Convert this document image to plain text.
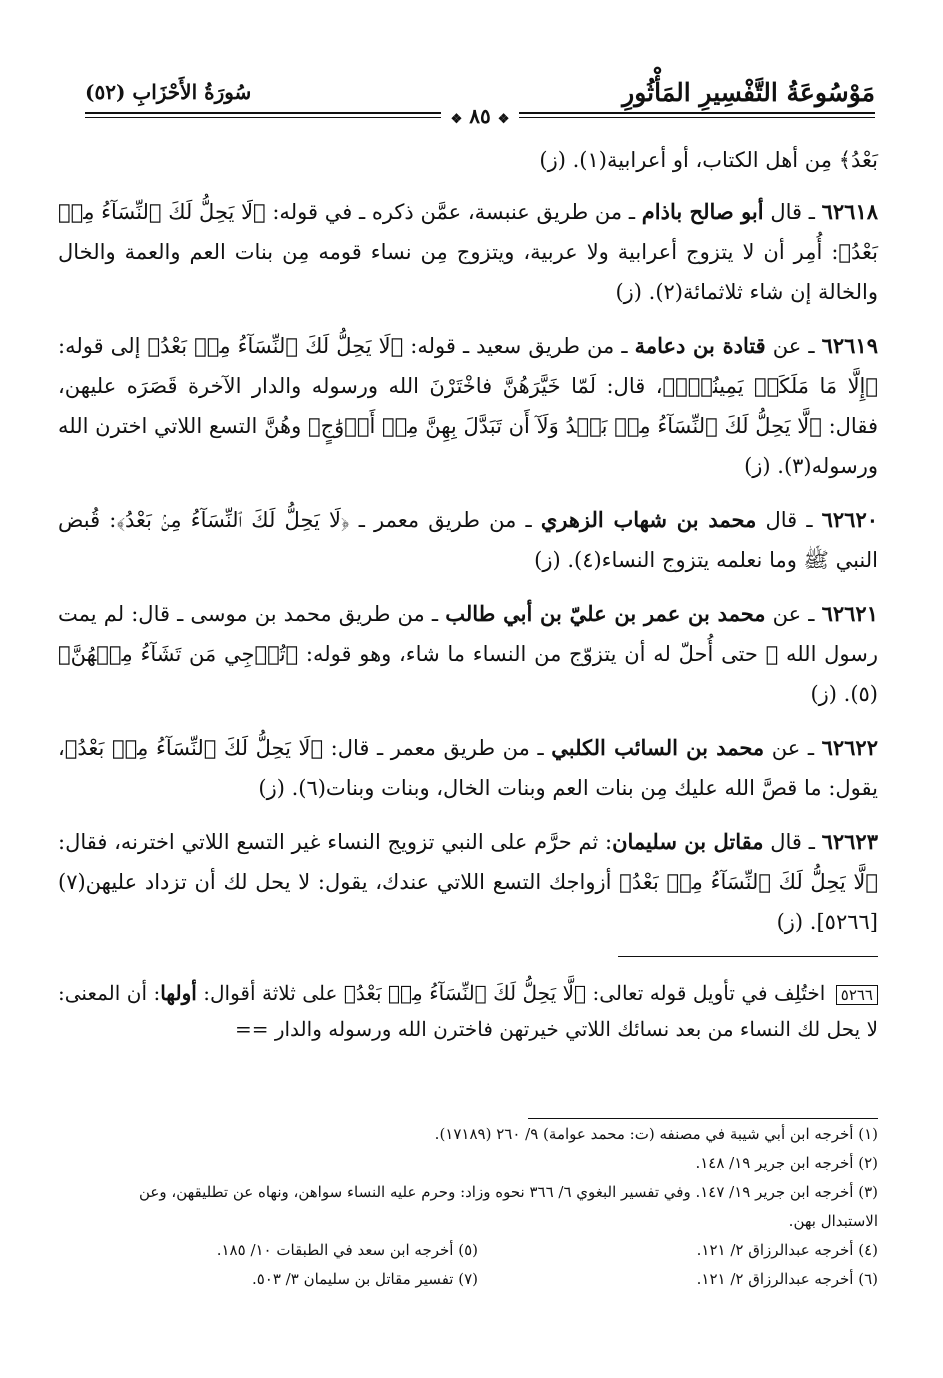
مَوْسُوعَةُ التَّفْسِيرِ المَأْثُورِ
سُورَةُ الأَحْزَابِ (٥٢)
❖ ٨٥ ❖

بَعْدُ﴾ مِن أهل الكتاب، أو أعرابية(١). (ز)

٦٢٦١٨ ـ قال أبو صالح باذام ـ من طريق عنبسة، عمَّن ذكره ـ في قوله: ﴿لَا يَحِلُّ لَكَ ٱلنِّسَآءُ مِنۢ بَعْدُ﴾: أُمِر أن لا يتزوج أعرابية ولا عربية، ويتزوج مِن نساء قومه مِن بنات العم والعمة والخال والخالة إن شاء ثلاثمائة(٢). (ز)

٦٢٦١٩ ـ عن قتادة بن دعامة ـ من طريق سعيد ـ قوله: ﴿لَا يَحِلُّ لَكَ ٱلنِّسَآءُ مِنۢ بَعْدُ﴾ إلى قوله: ﴿إِلَّا مَا مَلَكَتۡ يَمِينُكَۗ﴾، قال: لَمّا خَيَّرَهُنَّ فاخْتَرْنَ الله ورسوله والدار الآخرة قَصَرَه عليهن، فقال: ﴿لَّا يَحِلُّ لَكَ ٱلنِّسَآءُ مِنۢ بَعۡدُ وَلَآ أَن تَبَدَّلَ بِهِنَّ مِنۡ أَزۡوَٰجٍ﴾ وهُنَّ التسع اللاتي اخترن الله ورسوله(٣). (ز)

٦٢٦٢٠ ـ قال محمد بن شهاب الزهري ـ من طريق معمر ـ ﴿لَا يَحِلُّ لَكَ ٱلنِّسَآءُ مِنۢ بَعْدُ﴾: قُبض النبي ﷺ وما نعلمه يتزوج النساء(٤). (ز)

٦٢٦٢١ ـ عن محمد بن عمر بن عليّ بن أبي طالب ـ من طريق محمد بن موسى ـ قال: لم يمت رسول الله ﷺ حتى أُحلّ له أن يتزوّج من النساء ما شاء، وهو قوله: ﴿تُرۡجِي مَن تَشَآءُ مِنۡهُنَّ﴾(٥). (ز)

٦٢٦٢٢ ـ عن محمد بن السائب الكلبي ـ من طريق معمر ـ قال: ﴿لَا يَحِلُّ لَكَ ٱلنِّسَآءُ مِنۢ بَعْدُ﴾، يقول: ما قصَّ الله عليك مِن بنات العم وبنات الخال، وبنات وبنات(٦). (ز)

٦٢٦٢٣ ـ قال مقاتل بن سليمان: ثم حرَّم على النبي تزويج النساء غير التسع اللاتي اخترنه، فقال: ﴿لَّا يَحِلُّ لَكَ ٱلنِّسَآءُ مِنۢ بَعْدُ﴾ أزواجك التسع اللاتي عندك، يقول: لا يحل لك أن تزداد عليهن(٧)[٥٢٦٦]. (ز)

٥٢٦٦ اختُلِف في تأويل قوله تعالى: ﴿لَّا يَحِلُّ لَكَ ٱلنِّسَآءُ مِنۢ بَعْدُ﴾ على ثلاثة أقوال: أولها: أن المعنى: لا يحل لك النساء من بعد نسائك اللاتي خيرتهن فاخترن الله ورسوله والدار ==

(١) أخرجه ابن أبي شيبة في مصنفه (ت: محمد عوامة) ٩/ ٢٦٠ (١٧١٨٩).
(٢) أخرجه ابن جرير ١٩/ ١٤٨.
(٣) أخرجه ابن جرير ١٩/ ١٤٧. وفي تفسير البغوي ٦/ ٣٦٦ نحوه وزاد: وحرم عليه النساء سواهن، ونهاه عن تطليقهن، وعن الاستبدال بهن.
(٤) أخرجه عبدالرزاق ٢/ ١٢١.
(٥) أخرجه ابن سعد في الطبقات ١٠/ ١٨٥.
(٦) أخرجه عبدالرزاق ٢/ ١٢١.
(٧) تفسير مقاتل بن سليمان ٣/ ٥٠٣.
